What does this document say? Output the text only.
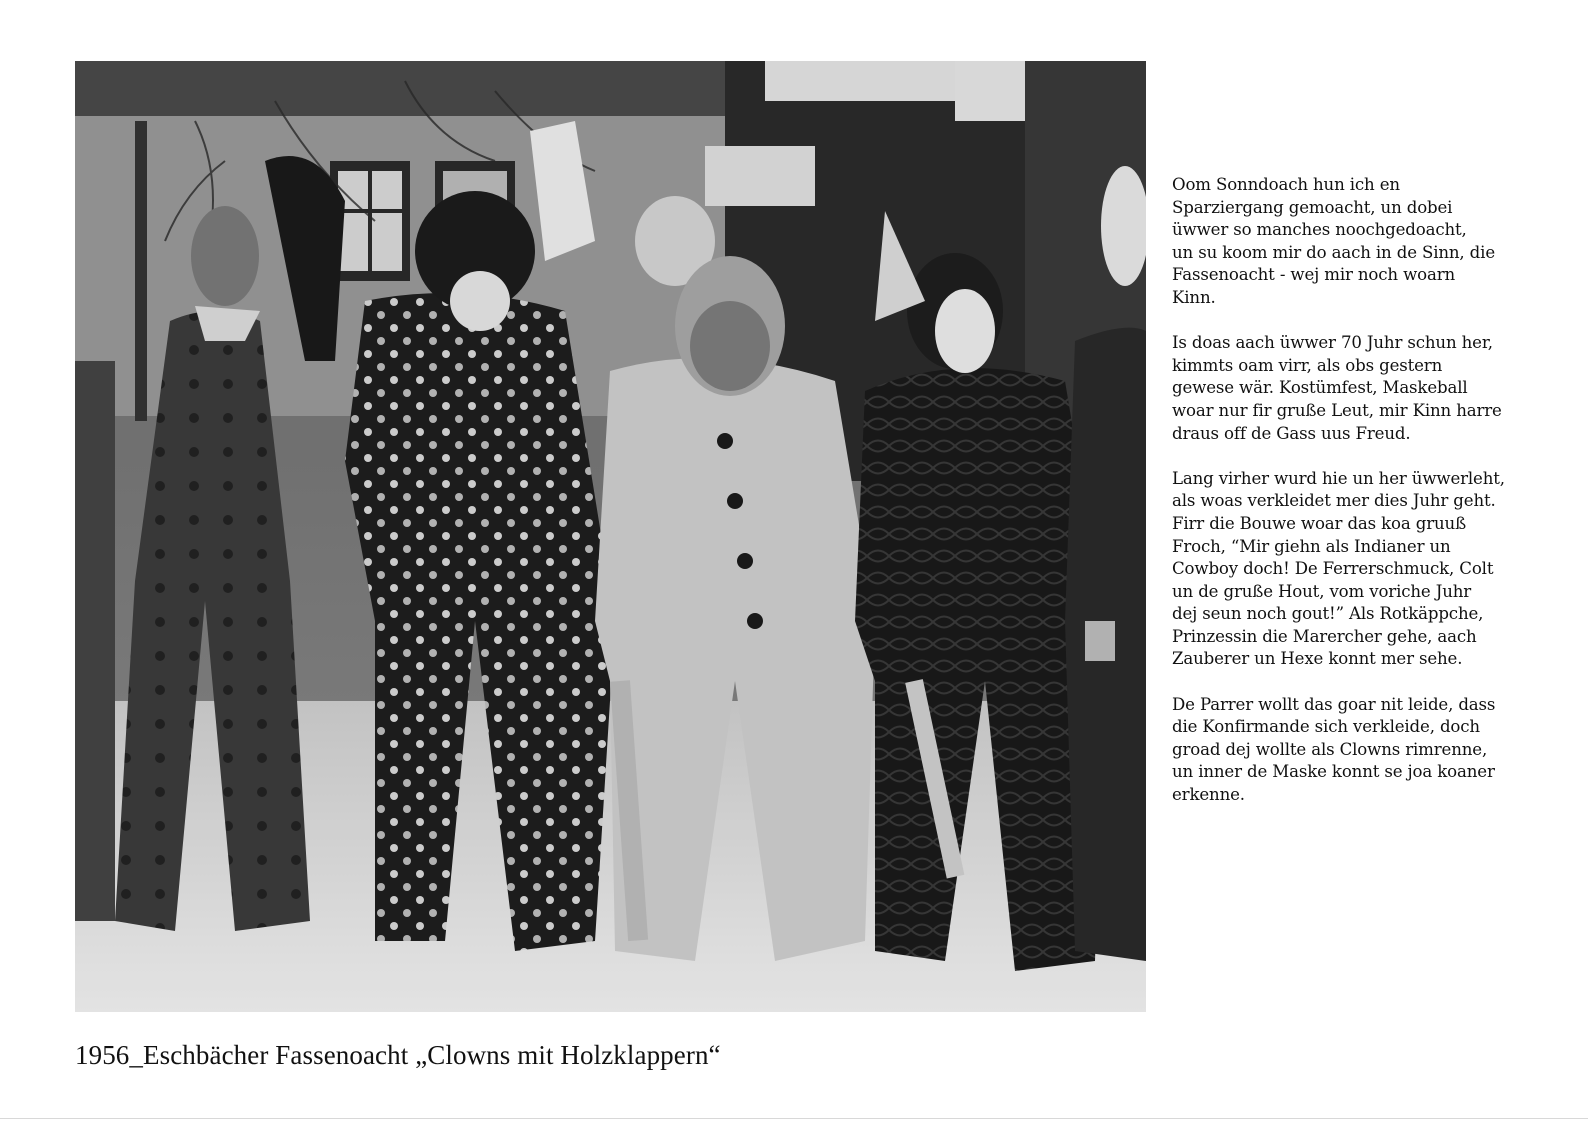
Oom Sonndoach hun ich en
Sparziergang gemoacht, un dobei
üwwer so manches noochgedoacht,
un su koom mir do aach in de Sinn, die
Fassenoacht - wej mir noch woarn
Kinn.
Is doas aach üwwer 70 Juhr schun her,
kimmts oam virr, als obs gestern
gewese wär. Kostümfest, Maskeball
woar nur fir gruße Leut, mir Kinn harre
draus off de Gass uus Freud.
Lang virher wurd hie un her üwwerleht,
als woas verkleidet mer dies Juhr geht.
Firr die Bouwe woar das koa gruuß
Froch, “Mir giehn als Indianer un
Cowboy doch! De Ferrerschmuck, Colt
un de gruße Hout, vom voriche Juhr
dej seun noch gout!” Als Rotkäppche,
Prinzessin die Marercher gehe, aach
Zauberer un Hexe konnt mer sehe.
De Parrer wollt das goar nit leide, dass
die Konfirmande sich verkleide, doch
groad dej wollte als Clowns rimrenne,
un inner de Maske konnt se joa koaner
erkenne.
1956_Eschbächer Fassenoacht „Clowns mit Holzklappern“
